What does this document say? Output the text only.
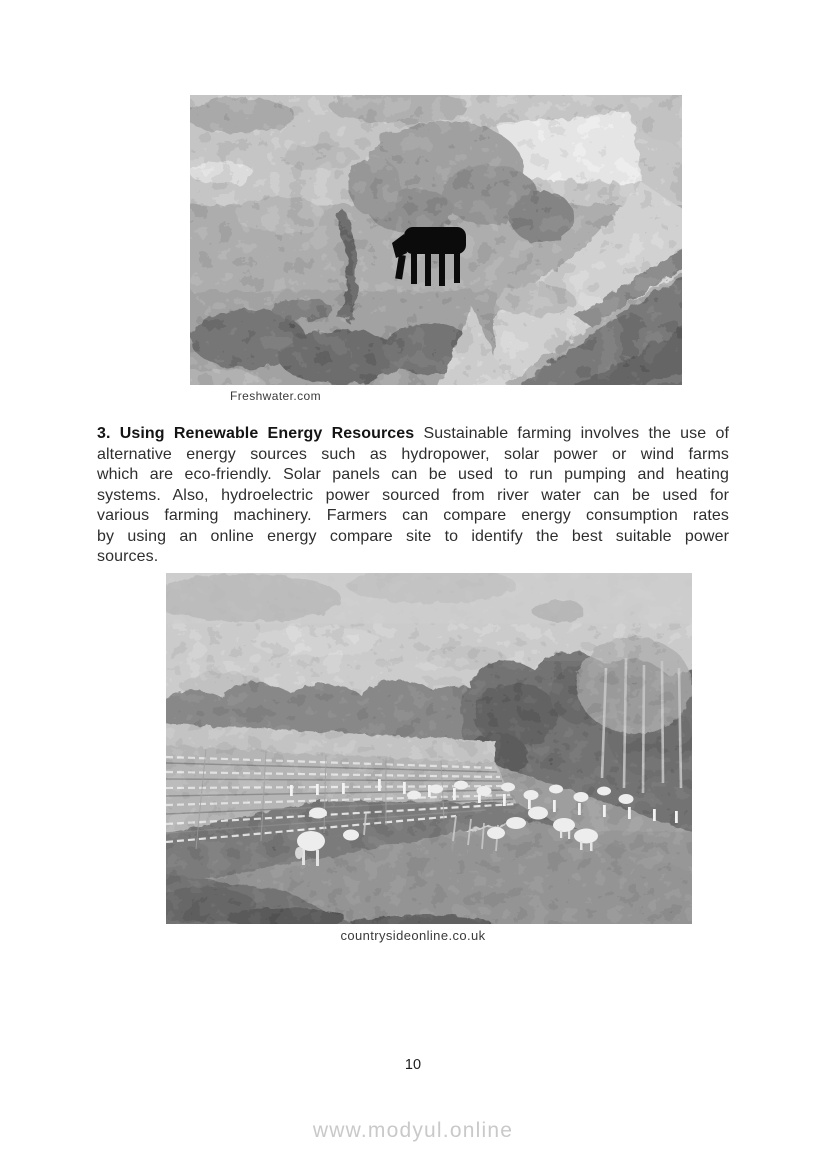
Freshwater.com
3. Using Renewable Energy Resources Sustainable farming involves the use of
alternative energy sources such as hydropower, solar power or wind farms
which are eco-friendly. Solar panels can be used to run pumping and heating
systems. Also, hydroelectric power sourced from river water can be used for
various farming machinery. Farmers can compare energy consumption rates
by using an online energy compare site to identify the best suitable power
sources.
countrysideonline.co.uk
10
www.modyul.online
